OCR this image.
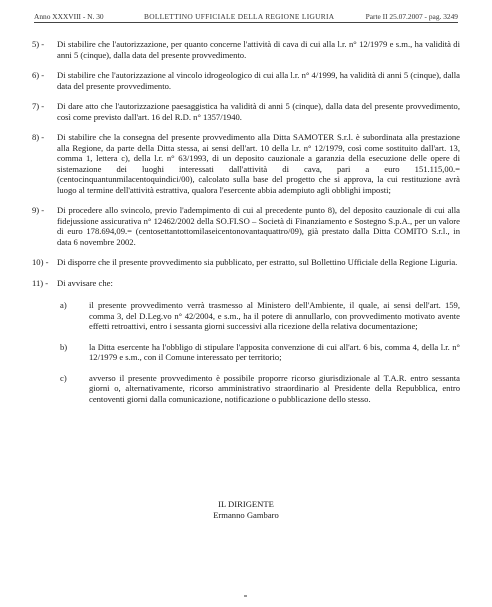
Anno XXXVIII - N. 30	BOLLETTINO UFFICIALE DELLA REGIONE LIGURIA	Parte II 25.07.2007 - pag. 3249
5) -	Di stabilire che l'autorizzazione, per quanto concerne l'attività di cava di cui alla l.r. n° 12/1979 e s.m., ha validità di anni 5 (cinque), dalla data del presente provvedimento.
6) -	Di stabilire che l'autorizzazione al vincolo idrogeologico di cui alla l.r. n° 4/1999, ha validità di anni 5 (cinque), dalla data del presente provvedimento.
7) -	Di dare atto che l'autorizzazione paesaggistica ha validità di anni 5 (cinque), dalla data del presente provvedimento, così come previsto dall'art. 16 del R.D. n° 1357/1940.
8) -	Di stabilire che la consegna del presente provvedimento alla Ditta SAMOTER S.r.l. è subordinata alla prestazione alla Regione, da parte della Ditta stessa, ai sensi dell'art. 10 della l.r. n° 12/1979, così come sostituito dall'art. 13, comma 1, lettera c), della l.r. n° 63/1993, di un deposito cauzionale a garanzia della esecuzione delle opere di sistemazione dei luoghi interessati dall'attività di cava, pari a euro 151.115,00.= (centocinquantunmilacentoquindici/00), calcolato sulla base del progetto che si approva, la cui restituzione avrà luogo al termine dell'attività estrattiva, qualora l'esercente abbia adempiuto agli obblighi imposti;
9) -	Di procedere allo svincolo, previo l'adempimento di cui al precedente punto 8), del deposito cauzionale di cui alla fidejussione assicurativa n° 12462/2002 della SO.FI.SO – Società di Finanziamento e Sostegno S.p.A., per un valore di euro 178.694,09.= (centosettantottomilaseicentonovantaquattro/09), già prestato dalla Ditta COMITO S.r.l., in data 6 novembre 2002.
10) - Di disporre che il presente provvedimento sia pubblicato, per estratto, sul Bollettino Ufficiale della Regione Liguria.
11) -	Di avvisare che:
a)	il presente provvedimento verrà trasmesso al Ministero dell'Ambiente, il quale, ai sensi dell'art. 159, comma 3, del D.Leg.vo n° 42/2004, e s.m., ha il potere di annullarlo, con provvedimento motivato avente effetti retroattivi, entro i sessanta giorni successivi alla ricezione della relativa documentazione;
b)	la Ditta esercente ha l'obbligo di stipulare l'apposita convenzione di cui all'art. 6 bis, comma 4, della l.r. n° 12/1979 e s.m., con il Comune interessato per territorio;
c)	avverso il presente provvedimento è possibile proporre ricorso giurisdizionale al T.A.R. entro sessanta giorni o, alternativamente, ricorso amministrativo straordinario al Presidente della Repubblica, entro centoventi giorni dalla comunicazione, notificazione o pubblicazione dello stesso.
IL DIRIGENTE
Ermanno Gambaro
